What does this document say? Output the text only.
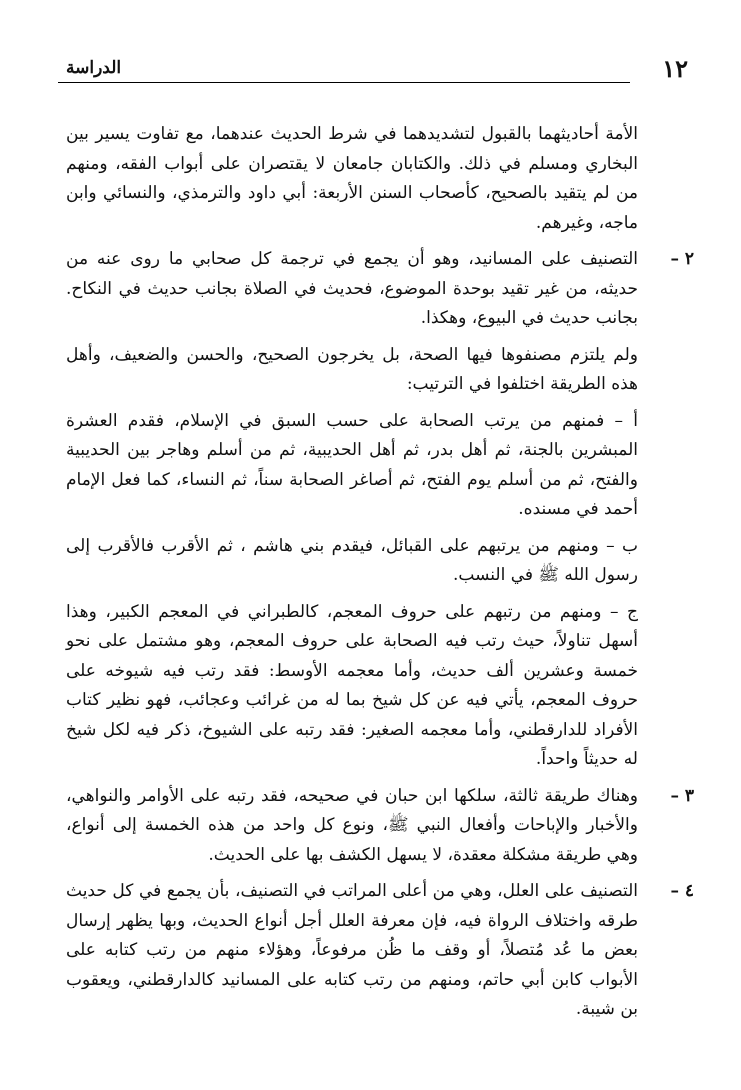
١٢
الدراسة

الأمة أحاديثهما بالقبول لتشديدهما في شرط الحديث عندهما، مع تفاوت يسير بين البخاري ومسلم في ذلك. والكتابان جامعان لا يقتصران على أبواب الفقه، ومنهم من لم يتقيد بالصحيح، كأصحاب السنن الأربعة: أبي داود والترمذي، والنسائي وابن ماجه، وغيرهم.

٢ –
التصنيف على المسانيد، وهو أن يجمع في ترجمة كل صحابي ما روى عنه من حديثه، من غير تقيد بوحدة الموضوع، فحديث في الصلاة بجانب حديث في النكاح. بجانب حديث في البيوع، وهكذا.

ولم يلتزم مصنفوها فيها الصحة، بل يخرجون الصحيح، والحسن والضعيف، وأهل هذه الطريقة اختلفوا في الترتيب:

أ – فمنهم من يرتب الصحابة على حسب السبق في الإسلام، فقدم العشرة المبشرين بالجنة، ثم أهل بدر، ثم أهل الحديبية، ثم من أسلم وهاجر بين الحديبية والفتح، ثم من أسلم يوم الفتح، ثم أصاغر الصحابة سناً، ثم النساء، كما فعل الإمام أحمد في مسنده.

ب – ومنهم من يرتبهم على القبائل، فيقدم بني هاشم ، ثم الأقرب فالأقرب إلى رسول الله ﷺ في النسب.

ج – ومنهم من رتبهم على حروف المعجم، كالطبراني في المعجم الكبير، وهذا أسهل تناولاً، حيث رتب فيه الصحابة على حروف المعجم، وهو مشتمل على نحو خمسة وعشرين ألف حديث، وأما معجمه الأوسط: فقد رتب فيه شيوخه على حروف المعجم، يأتي فيه عن كل شيخ بما له من غرائب وعجائب، فهو نظير كتاب الأفراد للدارقطني، وأما معجمه الصغير: فقد رتبه على الشيوخ، ذكر فيه لكل شيخ له حديثاً واحداً.

٣ –
وهناك طريقة ثالثة، سلكها ابن حبان في صحيحه، فقد رتبه على الأوامر والنواهي، والأخبار والإباحات وأفعال النبي ﷺ، ونوع كل واحد من هذه الخمسة إلى أنواع، وهي طريقة مشكلة معقدة، لا يسهل الكشف بها على الحديث.
٤ –
التصنيف على العلل، وهي من أعلى المراتب في التصنيف، بأن يجمع في كل حديث طرقه واختلاف الرواة فيه، فإن معرفة العلل أجل أنواع الحديث، وبها يظهر إرسال بعض ما عُد مُتصلاً، أو وقف ما ظُن مرفوعاً، وهؤلاء منهم من رتب كتابه على الأبواب كابن أبي حاتم، ومنهم من رتب كتابه على المسانيد كالدارقطني، ويعقوب بن شيبة.
